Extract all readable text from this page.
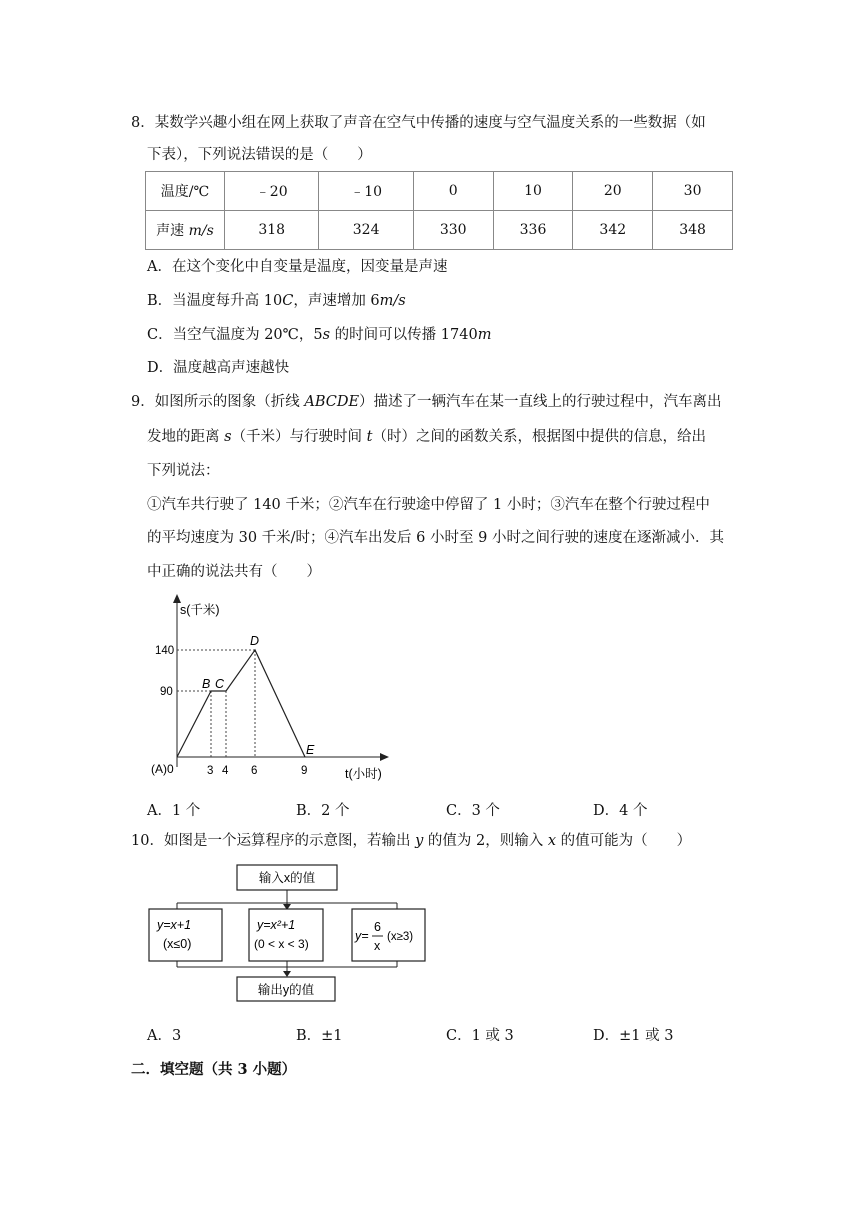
8．某数学兴趣小组在网上获取了声音在空气中传播的速度与空气温度关系的一些数据（如
下表），下列说法错误的是（　　）
温度/℃	﹣20	﹣10	0	10	20	30
声速 m/s	318	324	330	336	342	348
A．在这个变化中自变量是温度，因变量是声速
B．当温度每升高 10C，声速增加 6m/s
C．当空气温度为 20℃，5s 的时间可以传播 1740m
D．温度越高声速越快
9．如图所示的图象（折线 ABCDE）描述了一辆汽车在某一直线上的行驶过程中，汽车离出
发地的距离 s（千米）与行驶时间 t（时）之间的函数关系，根据图中提供的信息，给出
下列说法：
①汽车共行驶了 140 千米；②汽车在行驶途中停留了 1 小时；③汽车在整个行驶过程中
的平均速度为 30 千米/时；④汽车出发后 6 小时至 9 小时之间行驶的速度在逐渐减小．其
中正确的说法共有（　　）
s(千米)
t(小时)
(A)0
140
90
3 4 6	9
B C
D
E
A．1 个	B．2 个	C．3 个	D．4 个
10．如图是一个运算程序的示意图，若输出 y 的值为 2，则输入 x 的值可能为（　　）
输入x的值
y=x+1
(x≤0)
y=x²+1
(0 < x < 3)
y=
6
x
(x≥3)
输出y的值
A．3	B．±1	C．1 或 3	D．±1 或 3
二．填空题（共 3 小题）
